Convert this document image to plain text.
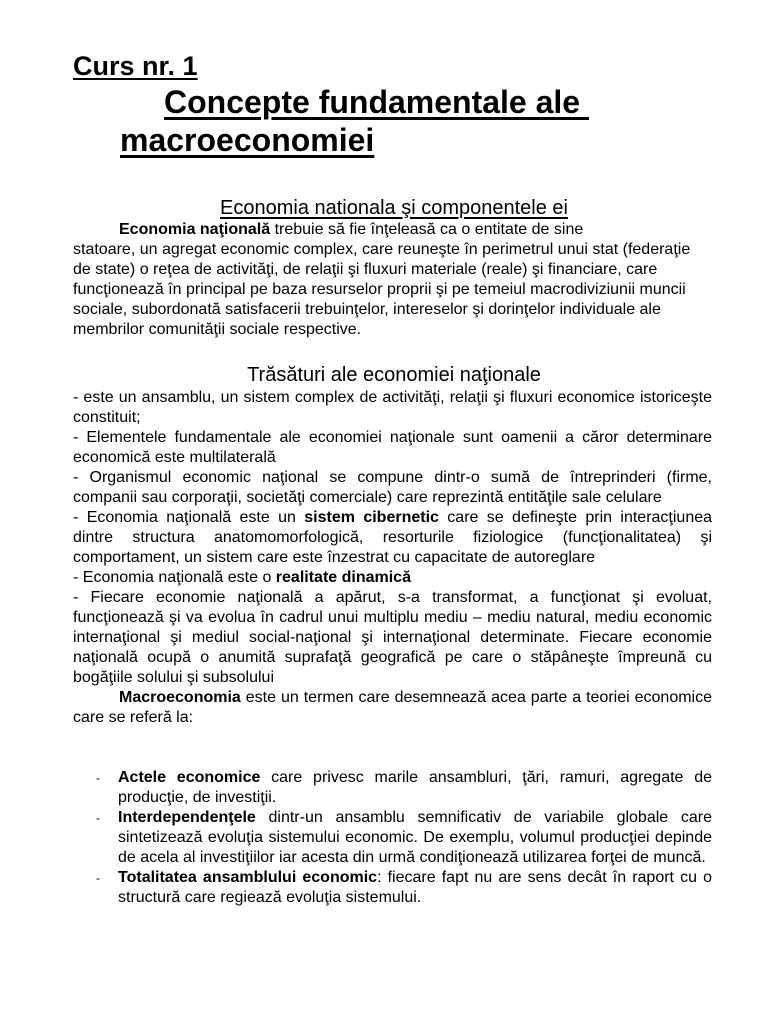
Curs nr. 1
Concepte fundamentale ale
macroeconomiei
Economia nationala şi componentele ei
Economia naţională trebuie să fie înţeleasă ca o entitate de sine
statoare, un agregat economic complex, care reuneşte în perimetrul unui stat (federaţie de state) o reţea de activităţi, de relaţii şi fluxuri materiale (reale) şi financiare, care funcţionează în principal pe baza resurselor proprii şi pe temeiul macrodiviziunii muncii sociale, subordonată satisfacerii trebuinţelor, intereselor şi dorinţelor individuale ale membrilor comunităţii sociale respective.
Trăsături ale economiei naţionale

- este un ansamblu, un sistem complex de activităţi, relaţii şi fluxuri economice istoriceşte constituit;

- Elementele fundamentale ale economiei naţionale sunt oamenii a căror determinare economică este multilaterală

- Organismul economic naţional se compune dintr-o sumă de întreprinderi (firme, companii sau corporaţii, societăţi comerciale) care reprezintă entităţile sale celulare

- Economia naţională este un sistem cibernetic care se defineşte prin interacţiunea dintre structura anatomomorfologică, resorturile fiziologice (funcţionalitatea) şi comportament, un sistem care este înzestrat cu capacitate de autoreglare

- Economia naţională este o realitate dinamică

- Fiecare economie naţională a apărut, s-a transformat, a funcţionat şi evoluat, funcţionează şi va evolua în cadrul unui multiplu mediu – mediu natural, mediu economic internaţional şi mediul social-naţional şi internaţional determinate. Fiecare economie naţională ocupă o anumită suprafaţă geografică pe care o stăpâneşte împreună cu bogăţiile solului şi subsolului

Macroeconomia este un termen care desemnează acea parte a teoriei economice care se referă la:

- Actele economice care privesc marile ansambluri, ţări, ramuri, agregate de producţie, de investiţii.
- Interdependenţele dintr-un ansamblu semnificativ de variabile globale care sintetizează evoluţia sistemului economic. De exemplu, volumul producţiei depinde de acela al investiţiilor iar acesta din urmă condiţionează utilizarea forţei de muncă.
- Totalitatea ansamblului economic: fiecare fapt nu are sens decât în raport cu o structură care regiează evoluţia sistemului.
